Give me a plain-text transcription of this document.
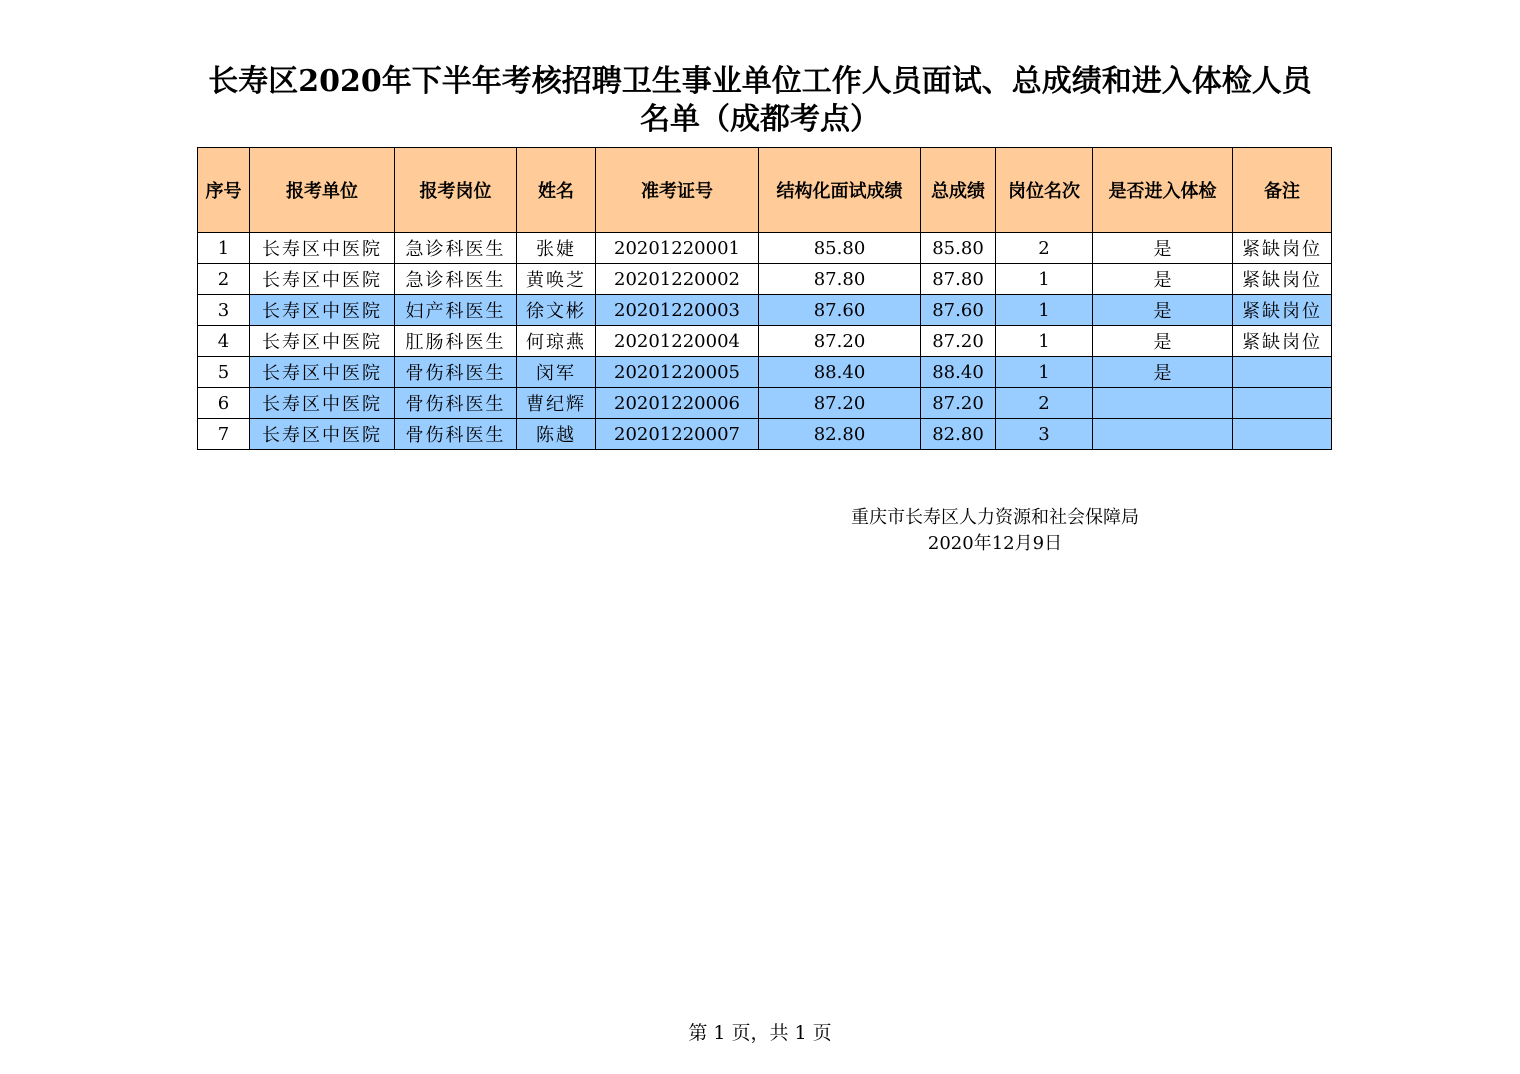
长寿区2020年下半年考核招聘卫生事业单位工作人员面试、总成绩和进入体检人员
名单（成都考点）
序号	报考单位	报考岗位	姓名	准考证号	结构化面试成绩	总成绩	岗位名次	是否进入体检	备注
1	长寿区中医院	急诊科医生	张婕	20201220001	85.80	85.80	2	是	紧缺岗位
2	长寿区中医院	急诊科医生	黄唤芝	20201220002	87.80	87.80	1	是	紧缺岗位
3	长寿区中医院	妇产科医生	徐文彬	20201220003	87.60	87.60	1	是	紧缺岗位
4	长寿区中医院	肛肠科医生	何琼燕	20201220004	87.20	87.20	1	是	紧缺岗位
5	长寿区中医院	骨伤科医生	闵军	20201220005	88.40	88.40	1	是	
6	长寿区中医院	骨伤科医生	曹纪辉	20201220006	87.20	87.20	2		
7	长寿区中医院	骨伤科医生	陈越	20201220007	82.80	82.80	3		
重庆市长寿区人力资源和社会保障局
2020年12月9日
第 1 页，共 1 页
